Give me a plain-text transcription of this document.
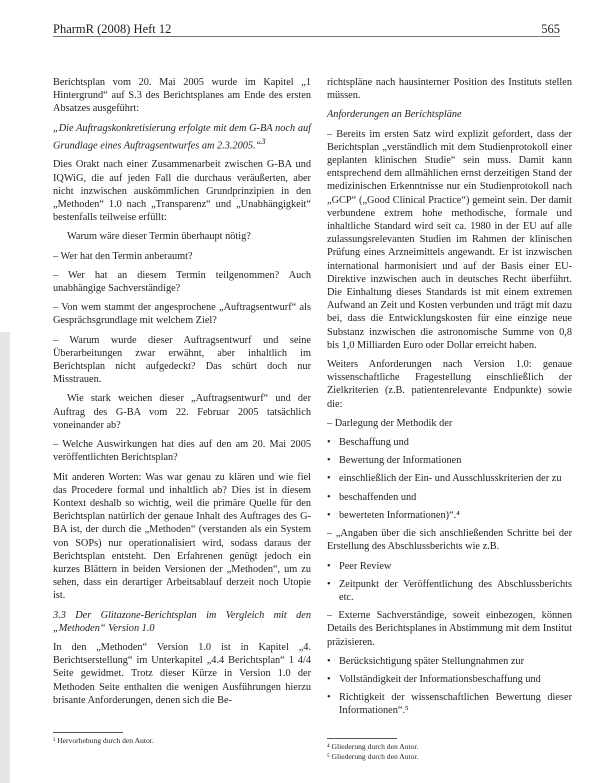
PharmR (2008) Heft 12	565

Berichtsplan vom 20. Mai 2005 wurde im Kapitel „1 Hintergrund“ auf S.3 des Berichtsplanes am Ende des ersten Absatzes ausgeführt:

„Die Auftragskonkretisierung erfolgte mit dem G-BA noch auf Grundlage eines Auftragsentwurfes am 2.3.2005.“$^3$

Dies Orakt nach einer Zusammenarbeit zwischen G-BA und IQWiG, die auf jeden Fall die durchaus veräußerten, aber nicht inzwischen auskömmlichen Grundprinzipien in den „Methoden“ 1.0 nach „Transparenz“ und „Unabhängigkeit“ bestenfalls teilweise erfüllt:

Warum wäre dieser Termin überhaupt nötig?

– Wer hat den Termin anberaumt?

– Wer hat an diesem Termin teilgenommen? Auch unabhängige Sachverständige?

– Von wem stammt der angesprochene „Auftragsentwurf“ als Gesprächsgrundlage mit welchem Ziel?

– Warum wurde dieser Auftragsentwurf und seine Überarbeitungen zwar erwähnt, aber inhaltlich im Berichtsplan nicht aufgedeckt? Das schürt doch nur Misstrauen.

Wie stark weichen dieser „Auftragsentwurf“ und der Auftrag des G-BA vom 22. Februar 2005 tatsächlich voneinander ab?

– Welche Auswirkungen hat dies auf den am 20. Mai 2005 veröffentlichten Berichtsplan?

Mit anderen Worten: Was war genau zu klären und wie fiel das Procedere formal und inhaltlich ab? Dies ist in diesem Kontext deshalb so wichtig, weil die primäre Quelle für den Berichtsplan natürlich der genaue Inhalt des Auftrages des G-BA ist, der durch die „Methoden“ (verstanden als ein System von SOPs) nur operationalisiert wird, sodass daraus der Berichtsplan entsteht. Den Erfahrenen genügt jedoch ein kurzes Blättern in beiden Versionen der „Methoden“, um zu sehen, dass ein derartiger Arbeitsablauf derzeit noch Utopie ist.

3.3 Der Glitazone-Berichtsplan im Vergleich mit den „Methoden“ Version 1.0

In den „Methoden“ Version 1.0 ist in Kapitel „4. Berichtserstellung“ im Unterkapitel „4.4 Berichtsplan“ 1 4/4 Seite gewidmet. Trotz dieser Kürze in Version 1.0 der Methoden Seite enthalten die wenigen Ausführungen hierzu brisante Anforderungen, denen sich die Be-

richtspläne nach hausinterner Position des Instituts stellen müssen.

Anforderungen an Berichtspläne

– Bereits im ersten Satz wird explizit gefordert, dass der Berichtsplan „verständlich mit dem Studienprotokoll einer geplanten klinischen Studie“ sein muss. Damit kann entsprechend dem allmählichen ernst derzeitigen Stand der medizinischen Erkenntnisse nur ein Studienprotokoll nach „GCP“ („Good Clinical Practice“) gemeint sein. Der damit verbundene extrem hohe methodische, formale und inhaltliche Standard wird seit ca. 1980 in der EU auf alle zulassungsrelevanten Studien im Rahmen der klinischen Prüfung eines Arzneimittels angewandt. Er ist inzwischen international harmonisiert und auf der Basis einer EU-Direktive inzwischen auch in deutsches Recht überführt. Die Einhaltung dieses Standards ist mit einem extremen Aufwand an Zeit und Kosten verbunden und trägt mit dazu bei, dass die Entwicklungskosten für eine einzige neue Substanz inzwischen die astronomische Summe von 0,8 bis 1,0 Milliarden Euro oder Dollar erreicht haben.

Weiters Anforderungen nach Version 1.0: genaue wissenschaftliche Fragestellung einschließlich der Zielkriterien (z.B. patientenrelevante Endpunkte) sowie die:

– Darlegung der Methodik der

• Beschaffung und
• Bewertung der Informationen
• einschließlich der Ein- und Ausschlusskriterien der zu
• beschaffenden und
• bewerteten Informationen)“.⁴

– „Angaben über die sich anschließenden Schritte bei der Erstellung des Abschlussberichts wie z.B.

• Peer Review
• Zeitpunkt der Veröffentlichung des Abschlussberichts etc.

– Externe Sachverständige, soweit einbezogen, können Details des Berichtsplanes in Abstimmung mit dem Institut präzisieren.

• Berücksichtigung später Stellungnahmen zur
• Vollständigkeit der Informationsbeschaffung und
• Richtigkeit der wissenschaftlichen Bewertung dieser Informationen“.⁵
³ Hervorhebung durch den Autor.
⁴ Gliederung durch den Autor.
⁵ Gliederung durch den Autor.
